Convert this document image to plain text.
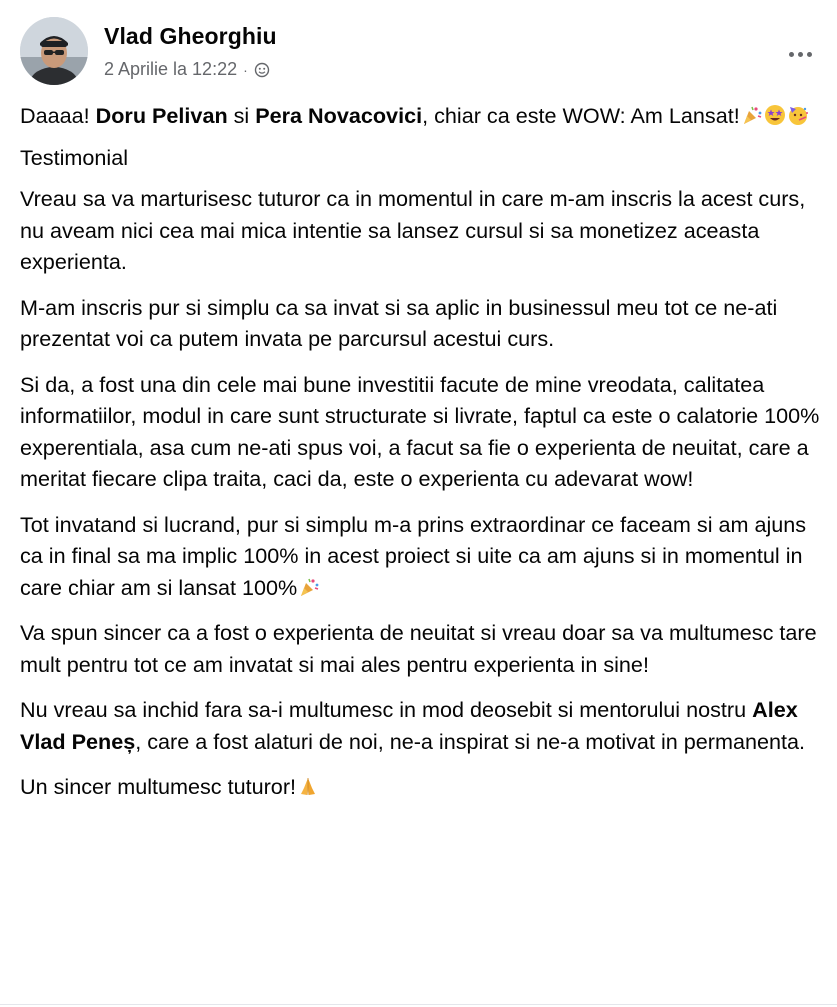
Vlad Gheorghiu
2 Aprilie la 12:22 ·

Daaaa! Doru Pelivan si Pera Novacovici, chiar ca este WOW: Am Lansat!

Testimonial

Vreau sa va marturisesc tuturor ca in momentul in care m-am inscris la acest curs, nu aveam nici cea mai mica intentie sa lansez cursul si sa monetizez aceasta experienta.

M-am inscris pur si simplu ca sa invat si sa aplic in businessul meu tot ce ne-ati prezentat voi ca putem invata pe parcursul acestui curs.

Si da, a fost una din cele mai bune investitii facute de mine vreodata, calitatea informatiilor, modul in care sunt structurate si livrate, faptul ca este o calatorie 100% experentiala, asa cum ne-ati spus voi, a facut sa fie o experienta de neuitat, care a meritat fiecare clipa traita, caci da, este o experienta cu adevarat wow!

Tot invatand si lucrand, pur si simplu m-a prins extraordinar ce faceam si am ajuns ca in final sa ma implic 100% in acest proiect si uite ca am ajuns si in momentul in care chiar am si lansat 100%

Va spun sincer ca a fost o experienta de neuitat si vreau doar sa va multumesc tare mult pentru tot ce am invatat si mai ales pentru experienta in sine!

Nu vreau sa inchid fara sa-i multumesc in mod deosebit si mentorului nostru Alex Vlad Peneș, care a fost alaturi de noi, ne-a inspirat si ne-a motivat in permanenta.

Un sincer multumesc tuturor!
